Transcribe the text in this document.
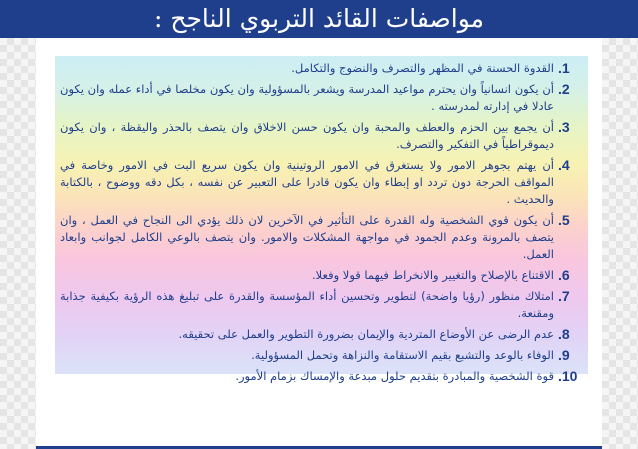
مواصفات القائد التربوي الناجح :
.1
القدوة الحسنة في المظهر والتصرف والنضوج والتكامل.
.2
أن يكون انسانياً وان يحترم مواعيد المدرسة ويشعر بالمسؤولية وان يكون مخلصا في أداء عمله وان يكون عادلا في إدارته لمدرسته .
.3
أن يجمع بين الحزم والعطف والمحبة وان يكون حسن الاخلاق وان يتصف بالحذر واليقظة ، وان يكون ديموقراطياً في التفكير والتصرف.
.4
أن يهتم بجوهر الامور ولا يستغرق في الامور الروتينية وان يكون سريع البت في الامور وخاصة في المواقف الحرجة دون تردد او إبطاء وان يكون قادرا على التعبير عن نفسه ، بكل دقه ووضوح ، بالكتابة والحديث .
.5
أن يكون قوي الشخصية وله القدرة على التأثير في الآخرين لان ذلك يؤدي الى النجاح في العمل ، وان يتصف بالمرونة وعدم الجمود في مواجهة المشكلات والامور. وان يتصف بالوعي الكامل لجوانب وابعاد العمل.
.6
الاقتناع بالإصلاح والتغيير والانخراط فيهما قولا وفعلا.
.7
امتلاك منظور (رؤيا واضحة) لتطوير وتحسين أداء المؤسسة والقدرة على تبليغ هذه الرؤية بكيفية جذابة ومقنعة.
.8
عدم الرضى عن الأوضاع المتردية والإيمان بضرورة التطوير والعمل على تحقيقه.
.9
الوفاء بالوعد والتشبع بقيم الاستقامة والنزاهة وتحمل المسؤولية.
.10
قوة الشخصية والمبادرة بتقديم حلول مبدعة والإمساك بزمام الأمور.
